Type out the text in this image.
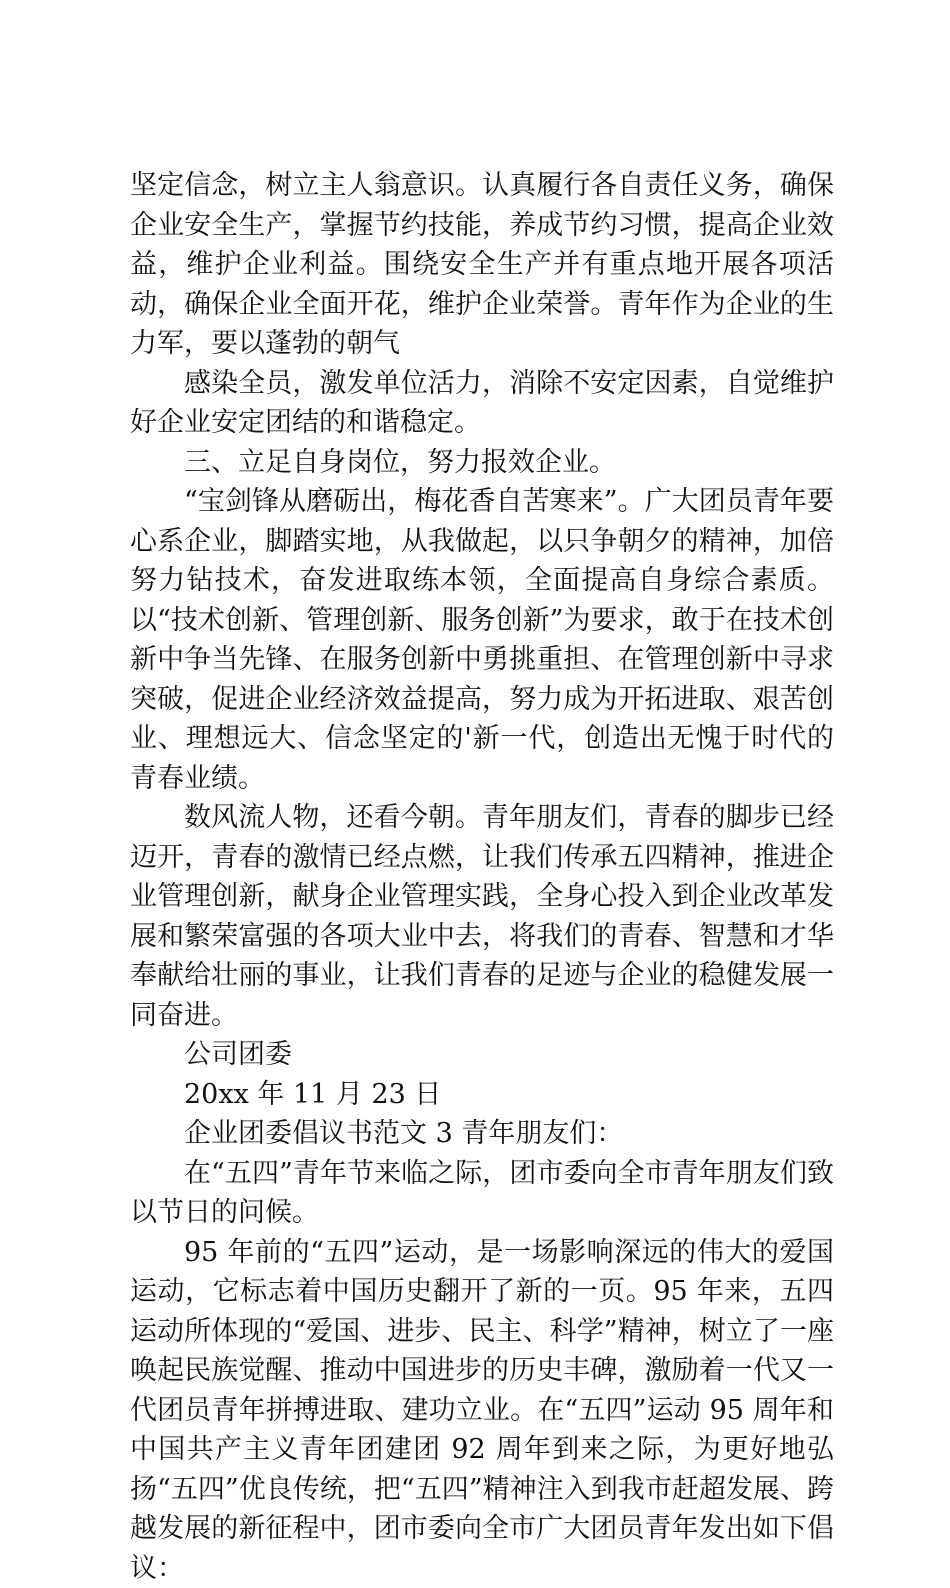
坚定信念，树立主人翁意识。认真履行各自责任义务，确保企业安全生产，掌握节约技能，养成节约习惯，提高企业效益，维护企业利益。围绕安全生产并有重点地开展各项活动，确保企业全面开花，维护企业荣誉。青年作为企业的生力军，要以蓬勃的朝气

感染全员，激发单位活力，消除不安定因素，自觉维护好企业安定团结的和谐稳定。

三、立足自身岗位，努力报效企业。

“宝剑锋从磨砺出，梅花香自苦寒来”。广大团员青年要心系企业，脚踏实地，从我做起，以只争朝夕的精神，加倍努力钻技术，奋发进取练本领，全面提高自身综合素质。以“技术创新、管理创新、服务创新”为要求，敢于在技术创新中争当先锋、在服务创新中勇挑重担、在管理创新中寻求突破，促进企业经济效益提高，努力成为开拓进取、艰苦创业、理想远大、信念坚定的'新一代，创造出无愧于时代的青春业绩。

数风流人物，还看今朝。青年朋友们，青春的脚步已经迈开，青春的激情已经点燃，让我们传承五四精神，推进企业管理创新，献身企业管理实践，全身心投入到企业改革发展和繁荣富强的各项大业中去，将我们的青春、智慧和才华奉献给壮丽的事业，让我们青春的足迹与企业的稳健发展一同奋进。

公司团委

20xx 年 11 月 23 日

企业团委倡议书范文 3 青年朋友们：

在“五四”青年节来临之际，团市委向全市青年朋友们致以节日的问候。

95 年前的“五四”运动，是一场影响深远的伟大的爱国运动，它标志着中国历史翻开了新的一页。95 年来，五四运动所体现的“爱国、进步、民主、科学”精神，树立了一座唤起民族觉醒、推动中国进步的历史丰碑，激励着一代又一代团员青年拼搏进取、建功立业。在“五四”运动 95 周年和中国共产主义青年团建团 92 周年到来之际，为更好地弘扬“五四”优良传统，把“五四”精神注入到我市赶超发展、跨越发展的新征程中，团市委向全市广大团员青年发出如下倡议：
